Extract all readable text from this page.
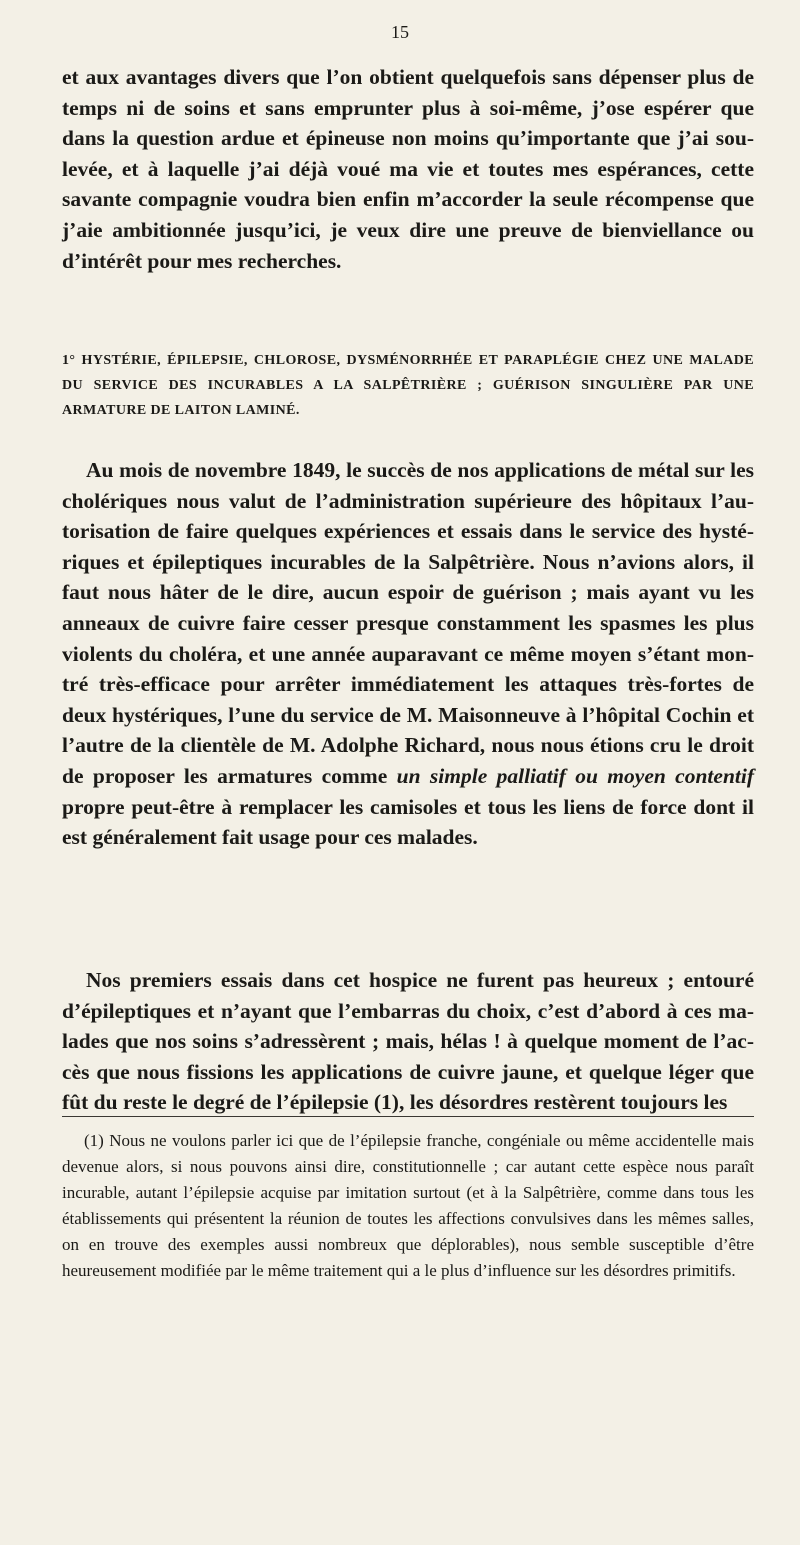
15

et aux avantages divers que l’on obtient quelquefois sans dépenser plus de temps ni de soins et sans emprunter plus à soi-même, j’ose espérer que dans la question ardue et épineuse non moins qu’importante que j’ai sou-levée, et à laquelle j’ai déjà voué ma vie et toutes mes espérances, cette savante compagnie voudra bien enfin m’accorder la seule récompense que j’aie ambitionnée jusqu’ici, je veux dire une preuve de bienviellance ou d’intérêt pour mes recherches.

1° HYSTÉRIE, ÉPILEPSIE, CHLOROSE, DYSMÉNORRHÉE ET PARAPLÉGIE CHEZ UNE MALADE DU SERVICE DES INCURABLES A LA SALPÊTRIÈRE ; GUÉRISON SINGULIÈRE PAR UNE ARMATURE DE LAITON LAMINÉ.

Au mois de novembre 1849, le succès de nos applications de métal sur les cholériques nous valut de l’administration supérieure des hôpitaux l’au-torisation de faire quelques expériences et essais dans le service des hysté-riques et épileptiques incurables de la Salpêtrière. Nous n’avions alors, il faut nous hâter de le dire, aucun espoir de guérison ; mais ayant vu les anneaux de cuivre faire cesser presque constamment les spasmes les plus violents du choléra, et une année auparavant ce même moyen s’étant mon-tré très-efficace pour arrêter immédiatement les attaques très-fortes de deux hystériques, l’une du service de M. Maisonneuve à l’hôpital Cochin et l’autre de la clientèle de M. Adolphe Richard, nous nous étions cru le droit de proposer les armatures comme un simple palliatif ou moyen contentif propre peut-être à remplacer les camisoles et tous les liens de force dont il est généralement fait usage pour ces malades.

Nos premiers essais dans cet hospice ne furent pas heureux ; entouré d’épileptiques et n’ayant que l’embarras du choix, c’est d’abord à ces ma-lades que nos soins s’adressèrent ; mais, hélas ! à quelque moment de l’ac-cès que nous fissions les applications de cuivre jaune, et quelque léger que fût du reste le degré de l’épilepsie (1), les désordres restèrent toujours les

(1) Nous ne voulons parler ici que de l’épilepsie franche, congéniale ou même accidentelle mais devenue alors, si nous pouvons ainsi dire, constitutionnelle ; car autant cette espèce nous paraît incurable, autant l’épilepsie acquise par imitation surtout (et à la Salpêtrière, comme dans tous les établissements qui présentent la réunion de toutes les affections convulsives dans les mêmes salles, on en trouve des exemples aussi nombreux que déplorables), nous semble susceptible d’être heureusement modifiée par le même traitement qui a le plus d’influence sur les désordres primitifs.
